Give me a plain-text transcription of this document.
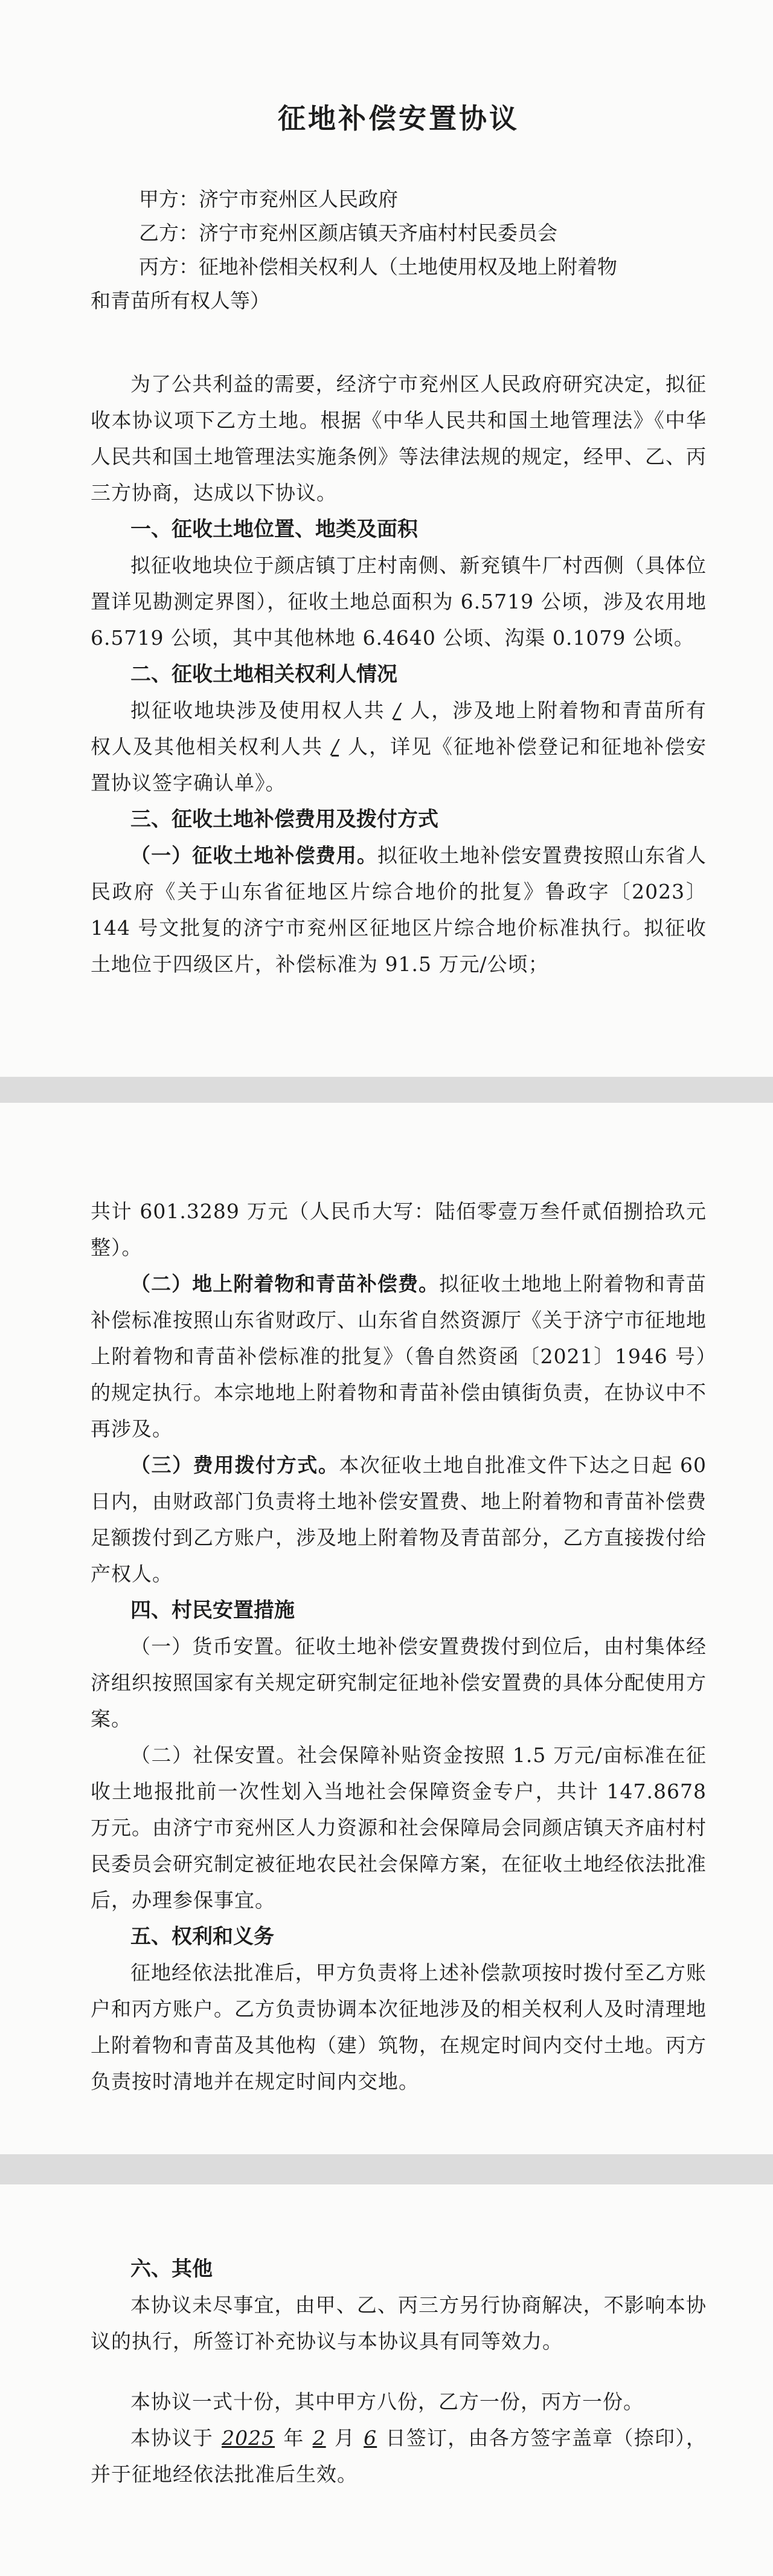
征地补偿安置协议
甲方：济宁市兖州区人民政府
乙方：济宁市兖州区颜店镇天齐庙村村民委员会
丙方：征地补偿相关权利人（土地使用权及地上附着物
和青苗所有权人等）

为了公共利益的需要，经济宁市兖州区人民政府研究决定，拟征收本协议项下乙方土地。根据《中华人民共和国土地管理法》《中华人民共和国土地管理法实施条例》等法律法规的规定，经甲、乙、丙三方协商，达成以下协议。

一、征收土地位置、地类及面积

拟征收地块位于颜店镇丁庄村南侧、新兖镇牛厂村西侧（具体位置详见勘测定界图），征收土地总面积为 6.5719 公顷，涉及农用地 6.5719 公顷，其中其他林地 6.4640 公顷、沟渠 0.1079 公顷。

二、征收土地相关权利人情况

拟征收地块涉及使用权人共 / 人，涉及地上附着物和青苗所有权人及其他相关权利人共 / 人，详见《征地补偿登记和征地补偿安置协议签字确认单》。

三、征收土地补偿费用及拨付方式

（一）征收土地补偿费用。拟征收土地补偿安置费按照山东省人民政府《关于山东省征地区片综合地价的批复》鲁政字〔2023〕144 号文批复的济宁市兖州区征地区片综合地价标准执行。拟征收土地位于四级区片，补偿标准为 91.5 万元/公顷；

共计 601.3289 万元（人民币大写：陆佰零壹万叁仟贰佰捌拾玖元整）。

（二）地上附着物和青苗补偿费。拟征收土地地上附着物和青苗补偿标准按照山东省财政厅、山东省自然资源厅《关于济宁市征地地上附着物和青苗补偿标准的批复》（鲁自然资函〔2021〕1946 号）的规定执行。本宗地地上附着物和青苗补偿由镇街负责，在协议中不再涉及。

（三）费用拨付方式。本次征收土地自批准文件下达之日起 60 日内，由财政部门负责将土地补偿安置费、地上附着物和青苗补偿费足额拨付到乙方账户，涉及地上附着物及青苗部分，乙方直接拨付给产权人。

四、村民安置措施

（一）货币安置。征收土地补偿安置费拨付到位后，由村集体经济组织按照国家有关规定研究制定征地补偿安置费的具体分配使用方案。

（二）社保安置。社会保障补贴资金按照 1.5 万元/亩标准在征收土地报批前一次性划入当地社会保障资金专户，共计 147.8678 万元。由济宁市兖州区人力资源和社会保障局会同颜店镇天齐庙村村民委员会研究制定被征地农民社会保障方案，在征收土地经依法批准后，办理参保事宜。

五、权利和义务

征地经依法批准后，甲方负责将上述补偿款项按时拨付至乙方账户和丙方账户。乙方负责协调本次征地涉及的相关权利人及时清理地上附着物和青苗及其他构（建）筑物，在规定时间内交付土地。丙方负责按时清地并在规定时间内交地。

六、其他

本协议未尽事宜，由甲、乙、丙三方另行协商解决，不影响本协议的执行，所签订补充协议与本协议具有同等效力。

本协议一式十份，其中甲方八份，乙方一份，丙方一份。

本协议于 2025 年 2 月 6 日签订，由各方签字盖章（捺印），并于征地经依法批准后生效。
